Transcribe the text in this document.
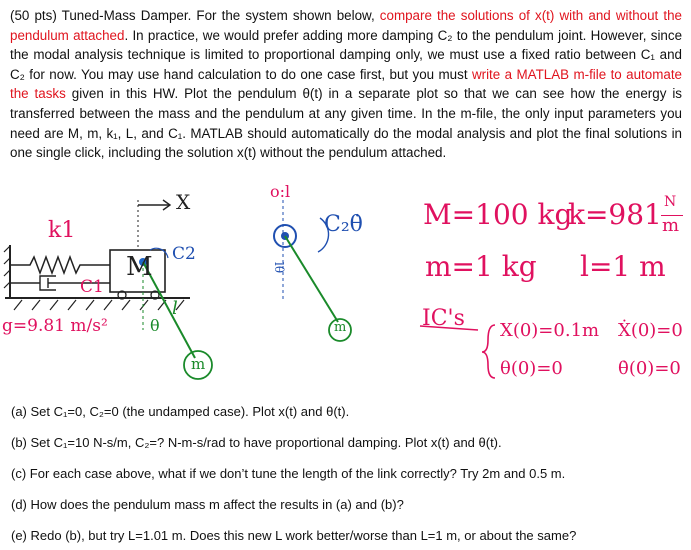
(50 pts) Tuned-Mass Damper. For the system shown below, compare the solutions of x(t) with and without the pendulum attached. In practice, we would prefer adding more damping C₂ to the pendulum joint. However, since the modal analysis technique is limited to proportional damping only, we must use a fixed ratio between C₁ and C₂ for now. You may use hand calculation to do one case first, but you must write a MATLAB m-file to automate the tasks given in this HW. Plot the pendulum θ(t) in a separate plot so that we can see how the energy is transferred between the mass and the pendulum at any given time. In the m-file, the only input parameters you need are M, m, k₁, L, and C₁. MATLAB should automatically do the modal analysis and plot the final solutions in one single click, including the solution x(t) without the pendulum attached.
k1
C1
M C2
X
θ
l
m
g=9.81 m/s²
o:l
C₂θ̇
lθ
m
M=100 kg
k=981 N
m
m=1 kg l=1 m
IC's X(0)=0.1m Ẋ(0)=0
θ(0)=0	θ̇(0)=0
(a) Set C₁=0, C₂=0 (the undamped case). Plot x(t) and θ(t).
(b) Set C₁=10 N-s/m, C₂=? N-m-s/rad to have proportional damping. Plot x(t) and θ(t).
(c) For each case above, what if we don’t tune the length of the link correctly? Try 2m and 0.5 m.
(d) How does the pendulum mass m affect the results in (a) and (b)?
(e) Redo (b), but try L=1.01 m. Does this new L work better/worse than L=1 m, or about the same?
